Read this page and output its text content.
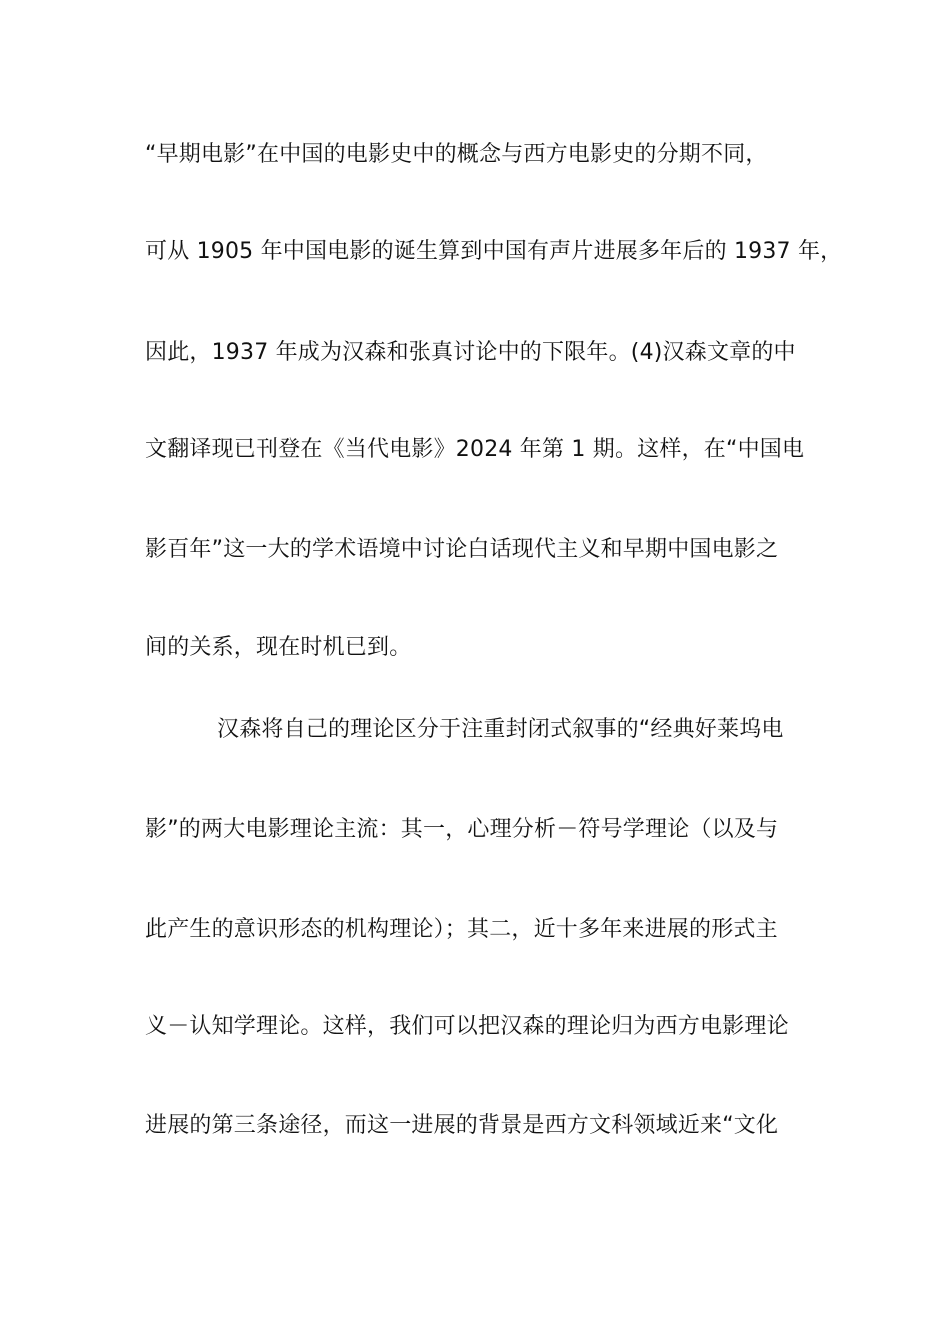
“早期电影”在中国的电影史中的概念与西方电影史的分期不同，
可从 1905 年中国电影的诞生算到中国有声片进展多年后的 1937 年，
因此，1937 年成为汉森和张真讨论中的下限年。(4)汉森文章的中
文翻译现已刊登在《当代电影》2024 年第 1 期。这样，在“中国电
影百年”这一大的学术语境中讨论白话现代主义和早期中国电影之
间的关系，现在时机已到。
汉森将自己的理论区分于注重封闭式叙事的“经典好莱坞电
影”的两大电影理论主流：其一，心理分析－符号学理论（以及与
此产生的意识形态的机构理论）；其二，近十多年来进展的形式主
义－认知学理论。这样，我们可以把汉森的理论归为西方电影理论
进展的第三条途径，而这一进展的背景是西方文科领域近来“文化
